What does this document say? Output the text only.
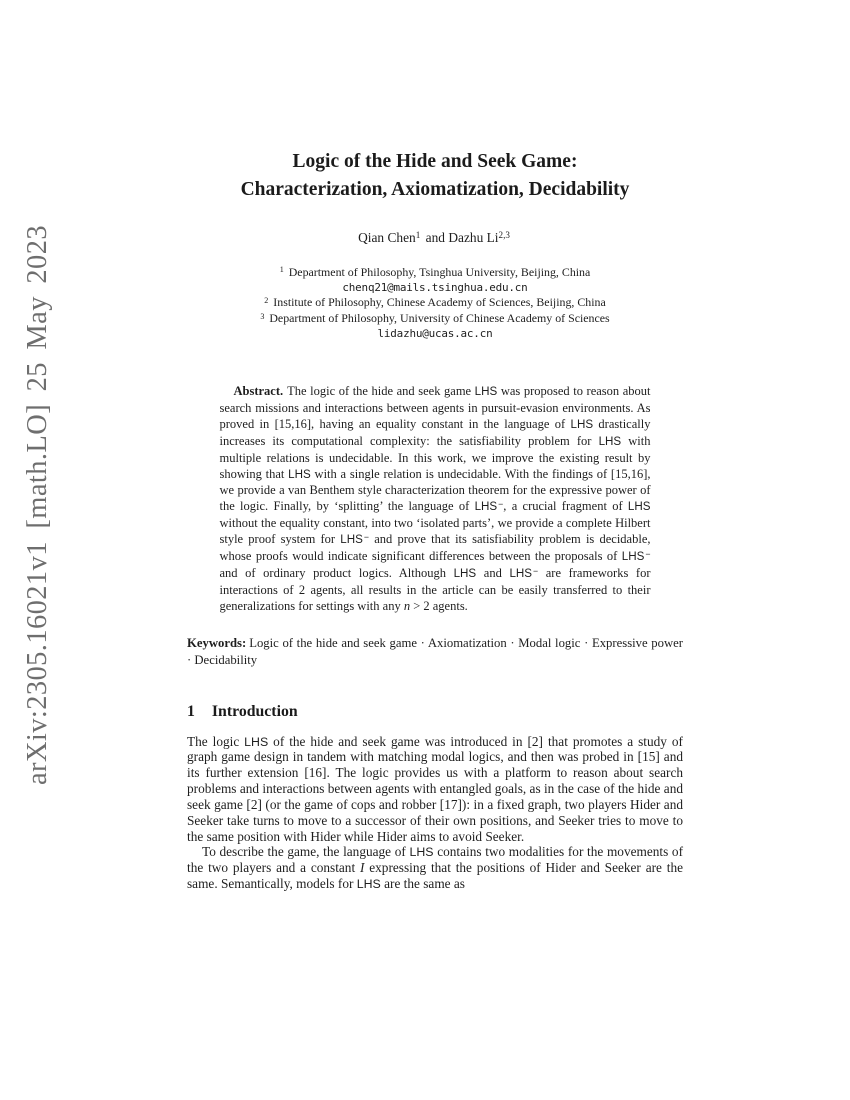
arXiv:2305.16021v1 [math.LO] 25 May 2023
Logic of the Hide and Seek Game:
Characterization, Axiomatization, Decidability
Qian Chen$^1$ and Dazhu Li$^{2,3}$
$^1$ Department of Philosophy, Tsinghua University, Beijing, China
chenq21@mails.tsinghua.edu.cn
$^2$ Institute of Philosophy, Chinese Academy of Sciences, Beijing, China
$^3$ Department of Philosophy, University of Chinese Academy of Sciences
lidazhu@ucas.ac.cn
Abstract. The logic of the hide and seek game LHS was proposed to reason about search missions and interactions between agents in pursuit-evasion environments. As proved in [15,16], having an equality constant in the language of LHS drastically increases its computational complexity: the satisfiability problem for LHS with multiple relations is undecidable. In this work, we improve the existing result by showing that LHS with a single relation is undecidable. With the findings of [15,16], we provide a van Benthem style characterization theorem for the expressive power of the logic. Finally, by ‘splitting’ the language of LHS−, a crucial fragment of LHS without the equality constant, into two ‘isolated parts’, we provide a complete Hilbert style proof system for LHS− and prove that its satisfiability problem is decidable, whose proofs would indicate significant differences between the proposals of LHS− and of ordinary product logics. Although LHS and LHS− are frameworks for interactions of 2 agents, all results in the article can be easily transferred to their generalizations for settings with any n > 2 agents.
Keywords: Logic of the hide and seek game · Axiomatization · Modal logic · Expressive power · Decidability
1 Introduction

The logic LHS of the hide and seek game was introduced in [2] that promotes a study of graph game design in tandem with matching modal logics, and then was probed in [15] and its further extension [16]. The logic provides us with a platform to reason about search problems and interactions between agents with entangled goals, as in the case of the hide and seek game [2] (or the game of cops and robber [17]): in a fixed graph, two players Hider and Seeker take turns to move to a successor of their own positions, and Seeker tries to move to the same position with Hider while Hider aims to avoid Seeker.

To describe the game, the language of LHS contains two modalities for the movements of the two players and a constant I expressing that the positions of Hider and Seeker are the same. Semantically, models for LHS are the same as
